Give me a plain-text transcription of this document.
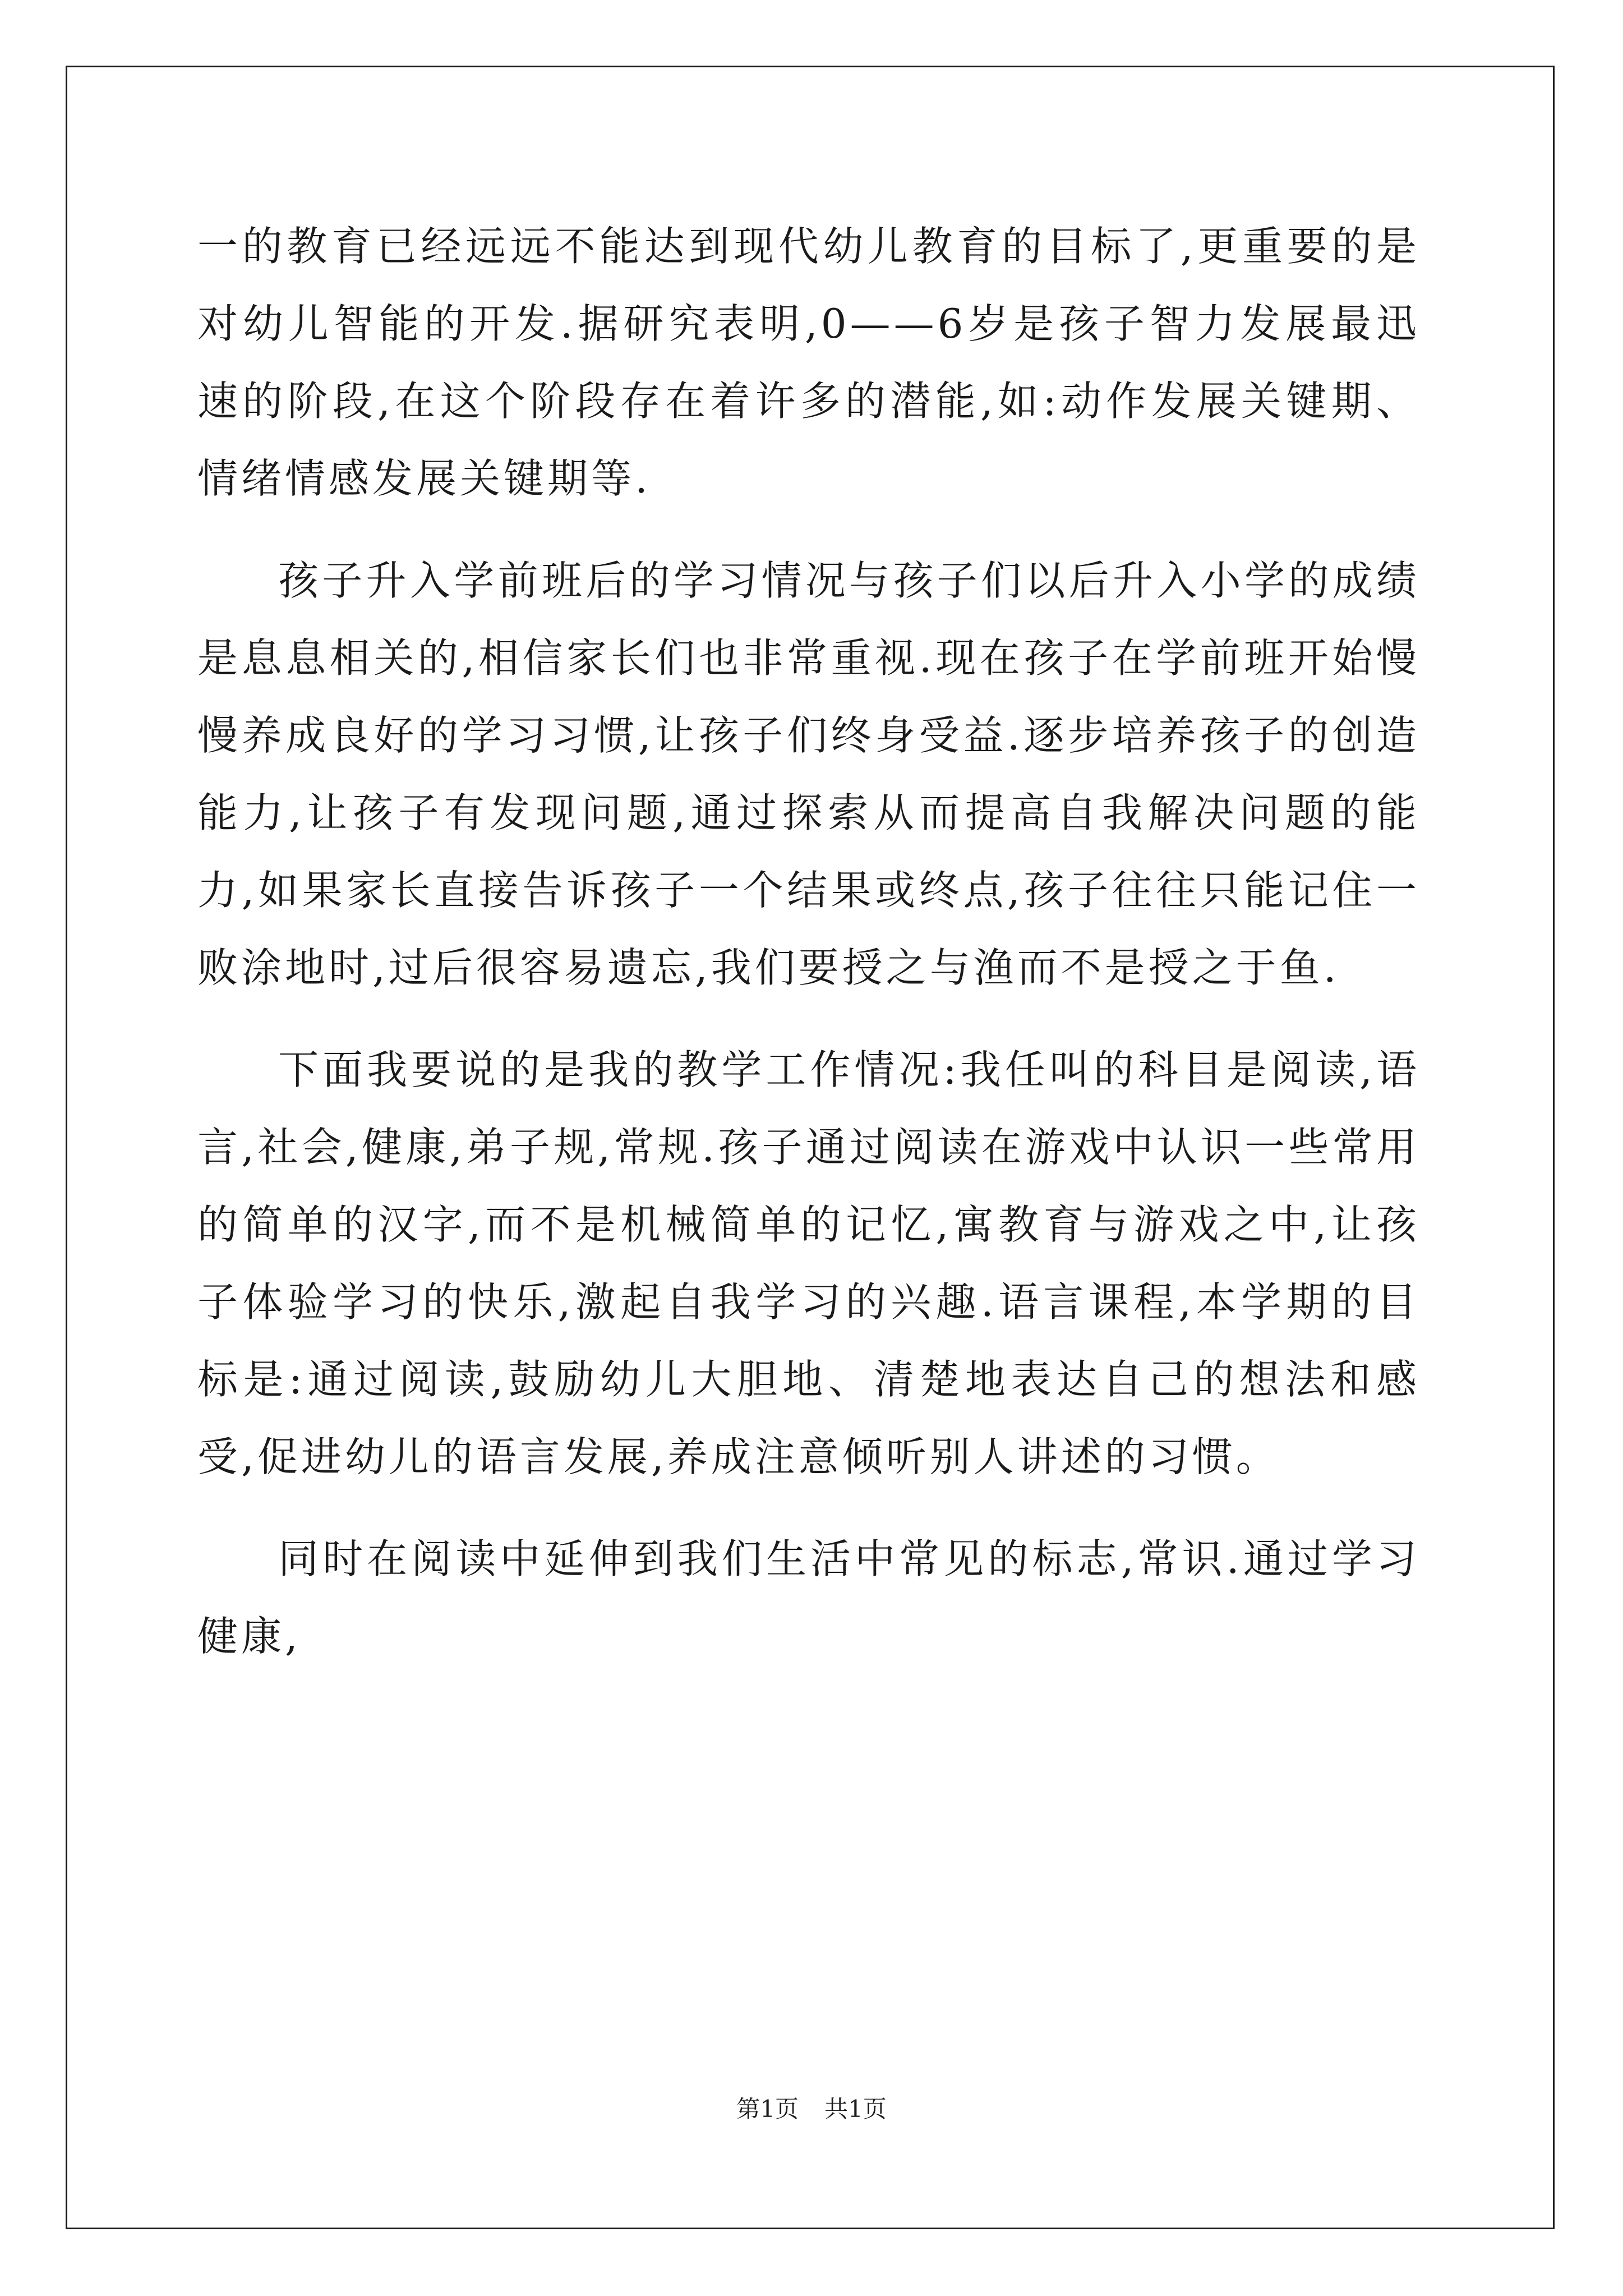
一的教育已经远远不能达到现代幼儿教育的目标了,更重要的是对幼儿智能的开发.据研究表明,0——6岁是孩子智力发展最迅速的阶段,在这个阶段存在着许多的潜能,如:动作发展关键期、情绪情感发展关键期等.

孩子升入学前班后的学习情况与孩子们以后升入小学的成绩是息息相关的,相信家长们也非常重视.现在孩子在学前班开始慢慢养成良好的学习习惯,让孩子们终身受益.逐步培养孩子的创造能力,让孩子有发现问题,通过探索从而提高自我解决问题的能力,如果家长直接告诉孩子一个结果或终点,孩子往往只能记住一败涂地时,过后很容易遗忘,我们要授之与渔而不是授之于鱼.

下面我要说的是我的教学工作情况:我任叫的科目是阅读,语言,社会,健康,弟子规,常规.孩子通过阅读在游戏中认识一些常用的简单的汉字,而不是机械简单的记忆,寓教育与游戏之中,让孩子体验学习的快乐,激起自我学习的兴趣.语言课程,本学期的目标是:通过阅读,鼓励幼儿大胆地、清楚地表达自己的想法和感受,促进幼儿的语言发展,养成注意倾听别人讲述的习惯。

同时在阅读中延伸到我们生活中常见的标志,常识.通过学习健康,

第1页 共1页
